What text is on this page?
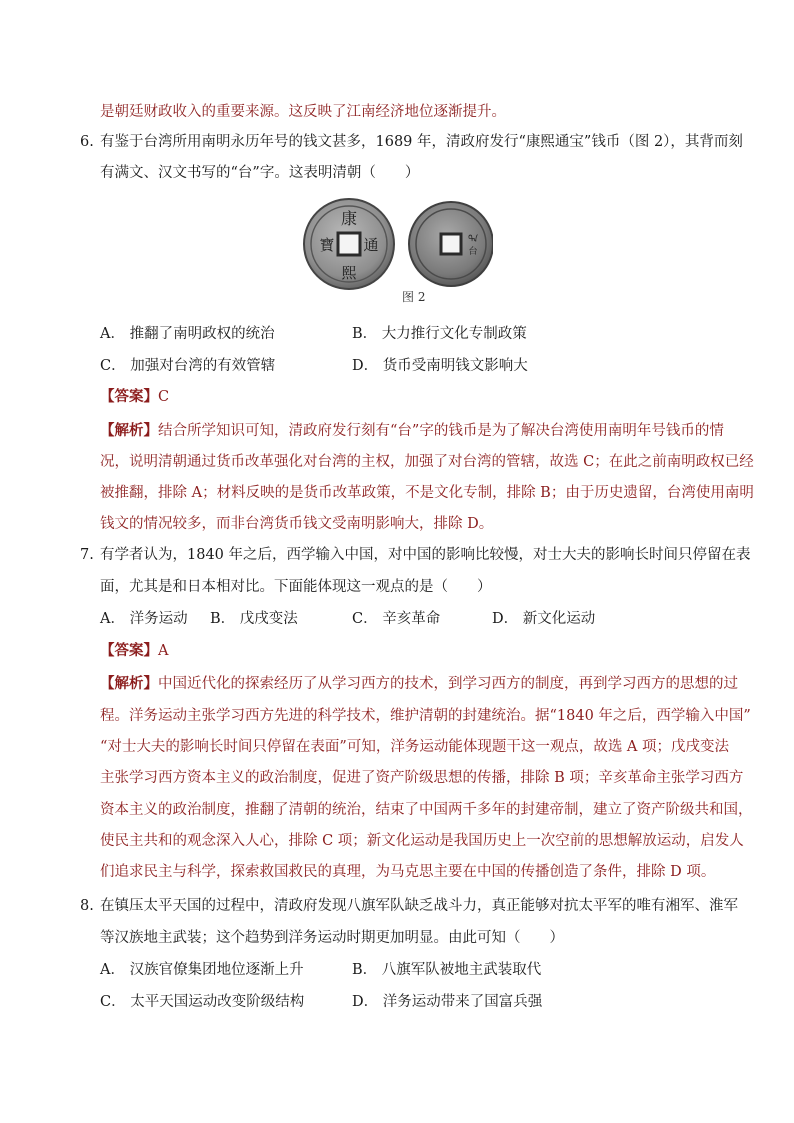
是朝廷财政收入的重要来源。这反映了江南经济地位逐渐提升。
6. 有鉴于台湾所用南明永历年号的钱文甚多，1689 年，清政府发行“康熙通宝”钱币（图 2），其背而刻
有满文、汉文书写的“台”字。这表明清朝（　　）
康
通
熙
寶	ᠲᠠ
台
图 2
A． 推翻了南明政权的统治	B． 大力推行文化专制政策
C． 加强对台湾的有效管辖	D． 货币受南明钱文影响大
【答案】C
【解析】结合所学知识可知，清政府发行刻有“台”字的钱币是为了解决台湾使用南明年号钱币的情
况，说明清朝通过货币改革强化对台湾的主权，加强了对台湾的管辖，故选 C；在此之前南明政权已经
被推翻，排除 A；材料反映的是货币改革政策，不是文化专制，排除 B；由于历史遗留，台湾使用南明
钱文的情况较多，而非台湾货币钱文受南明影响大，排除 D。
7. 有学者认为，1840 年之后，西学输入中国，对中国的影响比较慢，对士大夫的影响长时间只停留在表
面，尤其是和日本相对比。下面能体现这一观点的是（　　）
A． 洋务运动 B． 戊戌变法	C． 辛亥革命	D． 新文化运动
【答案】A
【解析】中国近代化的探索经历了从学习西方的技术，到学习西方的制度，再到学习西方的思想的过
程。洋务运动主张学习西方先进的科学技术，维护清朝的封建统治。据“1840 年之后，西学输入中国”
“对士大夫的影响长时间只停留在表面”可知，洋务运动能体现题干这一观点，故选 A 项；戊戌变法
主张学习西方资本主义的政治制度，促进了资产阶级思想的传播，排除 B 项；辛亥革命主张学习西方
资本主义的政治制度，推翻了清朝的统治，结束了中国两千多年的封建帝制，建立了资产阶级共和国，
使民主共和的观念深入人心，排除 C 项；新文化运动是我国历史上一次空前的思想解放运动，启发人
们追求民主与科学，探索救国救民的真理，为马克思主要在中国的传播创造了条件，排除 D 项。
8. 在镇压太平天国的过程中，清政府发现八旗军队缺乏战斗力，真正能够对抗太平军的唯有湘军、淮军
等汉族地主武装；这个趋势到洋务运动时期更加明显。由此可知（　　）
A． 汉族官僚集团地位逐渐上升	B． 八旗军队被地主武装取代
C． 太平天国运动改变阶级结构	D． 洋务运动带来了国富兵强
